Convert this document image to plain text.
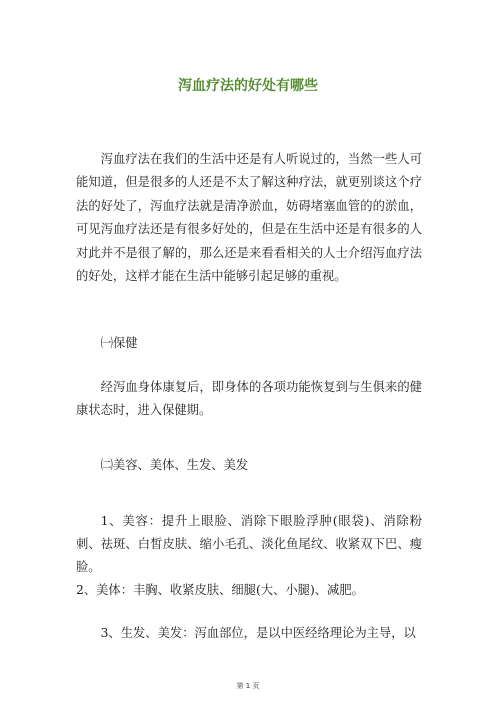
泻血疗法的好处有哪些

泻血疗法在我们的生活中还是有人听说过的，当然一些人可能知道，但是很多的人还是不太了解这种疗法，就更别谈这个疗法的好处了，泻血疗法就是清净淤血，妨碍堵塞血管的的淤血，可见泻血疗法还是有很多好处的，但是在生活中还是有很多的人对此并不是很了解的，那么还是来看看相关的人士介绍泻血疗法的好处，这样才能在生活中能够引起足够的重视。

㈠保健

经泻血身体康复后，即身体的各项功能恢复到与生俱来的健康状态时，进入保健期。

㈡美容、美体、生发、美发

1、美容：提升上眼脸、消除下眼脸浮肿(眼袋)、消除粉刺、祛斑、白皙皮肤、缩小毛孔、淡化鱼尾纹、收紧双下巴、瘦脸。
2、美体：丰胸、收紧皮肤、细腿(大、小腿)、减肥。

3、生发、美发：泻血部位，是以中医经络理论为主导，以

第 1 页
